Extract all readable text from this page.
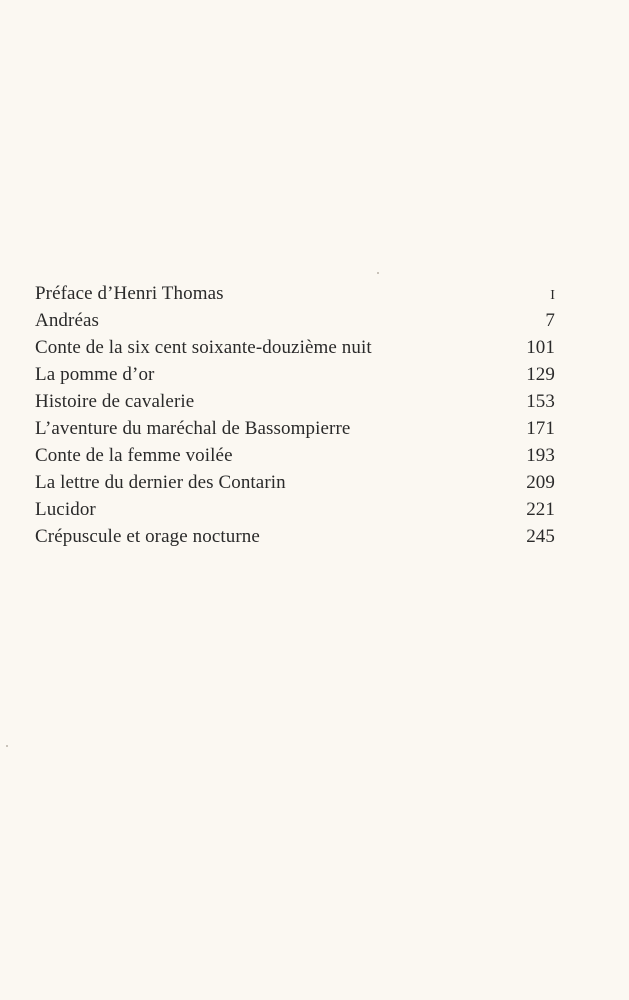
Préface d’Henri Thomas	I
Andréas	7
Conte de la six cent soixante-douzième nuit	101
La pomme d’or	129
Histoire de cavalerie	153
L’aventure du maréchal de Bassompierre	171
Conte de la femme voilée	193
La lettre du dernier des Contarin	209
Lucidor	221
Crépuscule et orage nocturne	245
